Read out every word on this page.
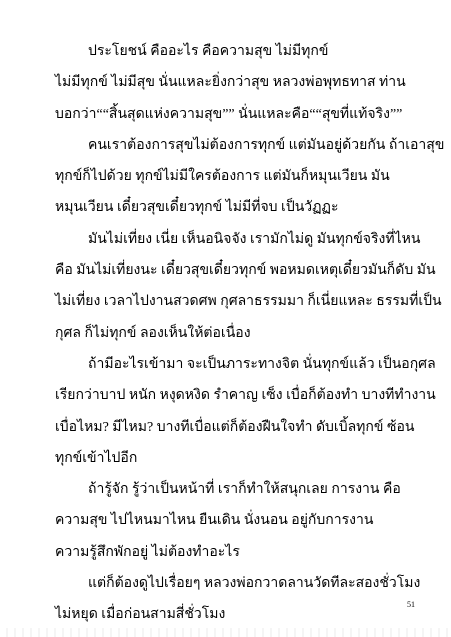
ประโยชน์ คืออะไร คือความสุข ไม่มีทุกข์
ไม่มีทุกข์ ไม่มีสุข นั่นแหละยิ่งกว่าสุข หลวงพ่อพุทธทาส ท่าน
บอกว่า““สิ้นสุดแห่งความสุข”” นั่นแหละคือ““สุขที่แท้จริง””
คนเราต้องการสุขไม่ต้องการทุกข์ แต่มันอยู่ด้วยกัน ถ้าเอาสุข
ทุกข์ก็ไปด้วย ทุกข์ไม่มีใครต้องการ แต่มันก็หมุนเวียน มัน
หมุนเวียน เดี๋ยวสุขเดี๋ยวทุกข์ ไม่มีที่จบ เป็นวัฏฏะ
มันไม่เที่ยง เนี่ย เห็นอนิจจัง เรามักไม่ดู มันทุกข์จริงที่ไหน
คือ มันไม่เที่ยงนะ เดี๋ยวสุขเดี๋ยวทุกข์ พอหมดเหตุเดี๋ยวมันก็ดับ มัน
ไม่เที่ยง เวลาไปงานสวดศพ กุศลาธรรมมา ก็เนี่ยแหละ ธรรมที่เป็น
กุศล ก็ไม่ทุกข์ ลองเห็นให้ต่อเนื่อง
ถ้ามีอะไรเข้ามา จะเป็นภาระทางจิต นั่นทุกข์แล้ว เป็นอกุศล
เรียกว่าบาป หนัก หงุดหงิด รำคาญ เซ็ง เบื่อก็ต้องทำ บางทีทำงาน
เบื่อไหม? มีไหม? บางทีเบื่อแต่ก็ต้องฝืนใจทำ ดับเบิ้ลทุกข์ ซ้อน
ทุกข์เข้าไปอีก
ถ้ารู้จัก รู้ว่าเป็นหน้าที่ เราก็ทำให้สนุกเลย การงาน คือ
ความสุข ไปไหนมาไหน ยืนเดิน นั่งนอน อยู่กับการงาน
ความรู้สึกพักอยู่ ไม่ต้องทำอะไร
แต่ก็ต้องดูไปเรื่อยๆ หลวงพ่อกวาดลานวัดทีละสองชั่วโมง
ไม่หยุด เมื่อก่อนสามสี่ชั่วโมง
51
